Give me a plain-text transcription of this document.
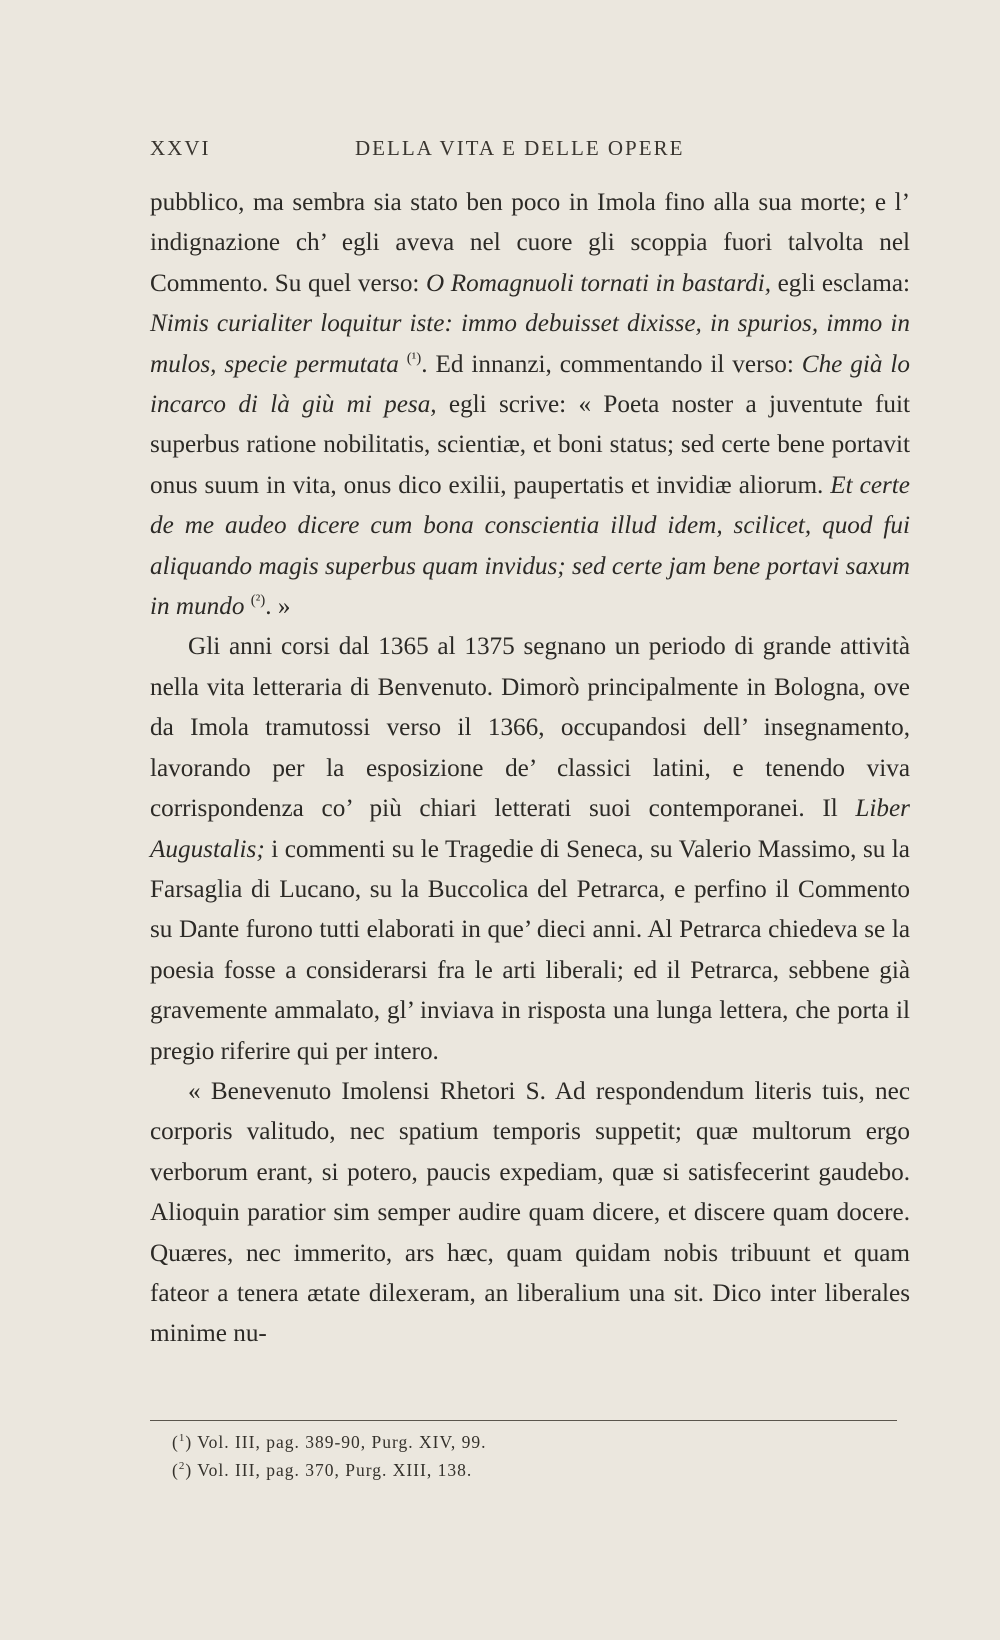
XXVI	DELLA VITA E DELLE OPERE

pubblico, ma sembra sia stato ben poco in Imola fino alla sua morte; e l’ indignazione ch’ egli aveva nel cuore gli scoppia fuori talvolta nel Commento. Su quel verso: O Romagnuoli tornati in bastardi, egli esclama: Nimis curialiter loquitur iste: immo debuisset dixisse, in spurios, immo in mulos, specie permutata $^{(^1)}$. Ed innanzi, commentando il verso: Che già lo incarco di là giù mi pesa, egli scrive: « Poeta noster a juventute fuit superbus ratione nobilitatis, scientiæ, et boni status; sed certe bene portavit onus suum in vita, onus dico exilii, paupertatis et invidiæ aliorum. Et certe de me audeo dicere cum bona conscientia illud idem, scilicet, quod fui aliquando magis superbus quam invidus; sed certe jam bene portavi saxum in mundo $^{(^2)}$. »

Gli anni corsi dal 1365 al 1375 segnano un periodo di grande attività nella vita letteraria di Benvenuto. Dimorò principalmente in Bologna, ove da Imola tramutossi verso il 1366, occupandosi dell’ insegnamento, lavorando per la esposizione de’ classici latini, e tenendo viva corrispondenza co’ più chiari letterati suoi contemporanei. Il Liber Augustalis; i commenti su le Tragedie di Seneca, su Valerio Massimo, su la Farsaglia di Lucano, su la Buccolica del Petrarca, e perfino il Commento su Dante furono tutti elaborati in que’ dieci anni. Al Petrarca chiedeva se la poesia fosse a considerarsi fra le arti liberali; ed il Petrarca, sebbene già gravemente ammalato, gl’ inviava in risposta una lunga lettera, che porta il pregio riferire qui per intero.

« Benevenuto Imolensi Rhetori S. Ad respondendum literis tuis, nec corporis valitudo, nec spatium temporis suppetit; quæ multorum ergo verborum erant, si potero, paucis expediam, quæ si satisfecerint gaudebo. Alioquin paratior sim semper audire quam dicere, et discere quam docere. Quæres, nec immerito, ars hæc, quam quidam nobis tribuunt et quam fateor a tenera ætate dilexeram, an liberalium una sit. Dico inter liberales minime nu-

($^1$) Vol. III, pag. 389-90, Purg. XIV, 99.
($^2$) Vol. III, pag. 370, Purg. XIII, 138.
